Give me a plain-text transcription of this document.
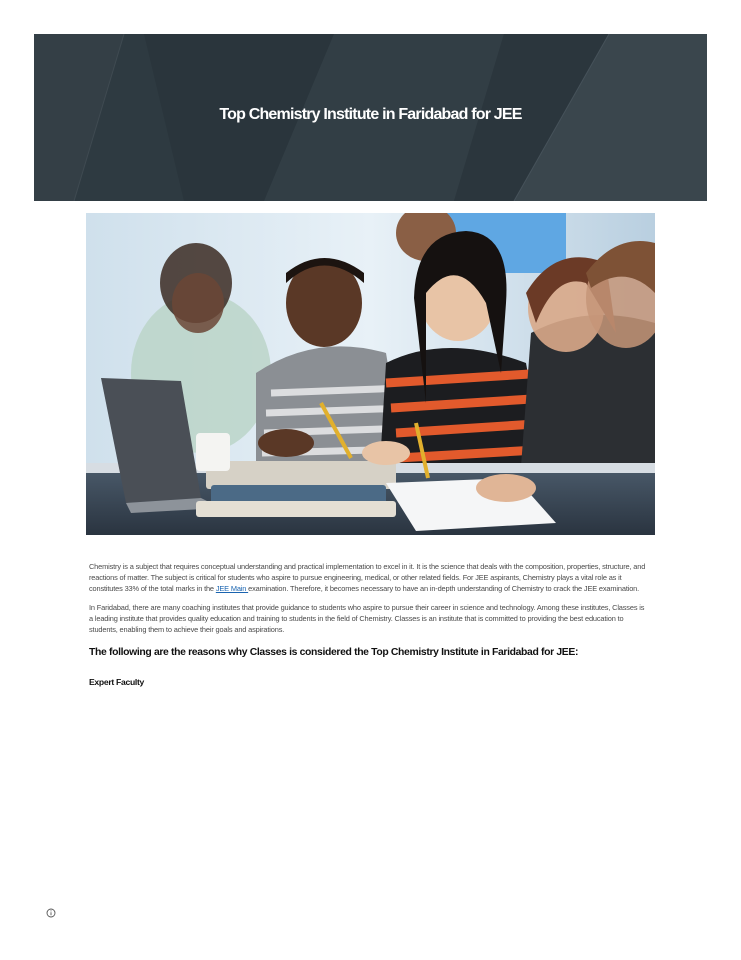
Top Chemistry Institute in Faridabad for JEE

Chemistry is a subject that requires conceptual understanding and practical implementation to excel in it. It is the science that deals with the composition, properties, structure, and reactions of matter. The subject is critical for students who aspire to pursue engineering, medical, or other related fields. For JEE aspirants, Chemistry plays a vital role as it constitutes 33% of the total marks in the JEE Main examination. Therefore, it becomes necessary to have an in-depth understanding of Chemistry to crack the JEE examination.

In Faridabad, there are many coaching institutes that provide guidance to students who aspire to pursue their career in science and technology. Among these institutes, Classes is a leading institute that provides quality education and training to students in the field of Chemistry. Classes is an institute that is committed to providing the best education to students, enabling them to achieve their goals and aspirations.

The following are the reasons why Classes is considered the Top Chemistry Institute in Faridabad for JEE:
Expert Faculty
